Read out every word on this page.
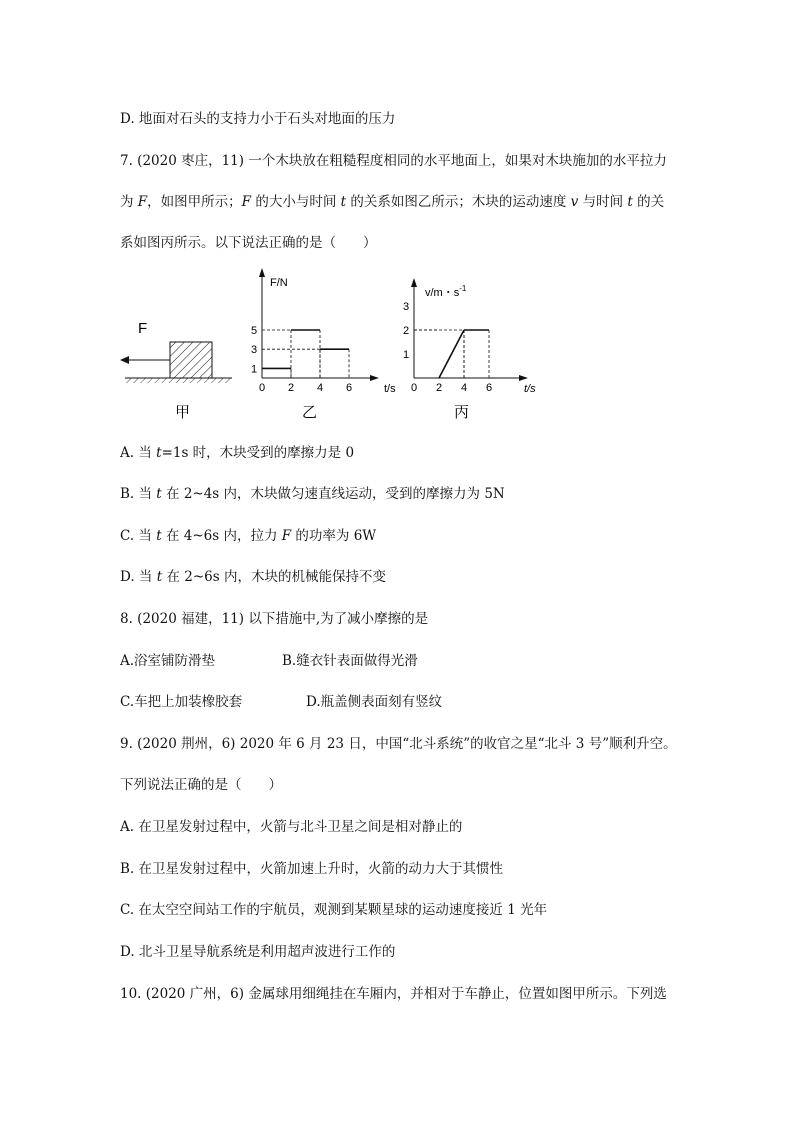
D. 地面对石头的支持力小于石头对地面的压力
7. (2020 枣庄，11) 一个木块放在粗糙程度相同的水平地面上，如果对木块施加的水平拉力
为 F，如图甲所示；F 的大小与时间 t 的关系如图乙所示；木块的运动速度 v 与时间 t 的关
系如图丙所示。以下说法正确的是（　　）
F
甲
F/N
t/s
0 2 4 6
1
3
5
乙
v/m・$s^{-1}$
t/s
0 2 4 6
1
2
3
丙
A. 当 t=1s 时，木块受到的摩擦力是 0
B. 当 t 在 2~4s 内，木块做匀速直线运动，受到的摩擦力为 5N
C. 当 t 在 4~6s 内，拉力 F 的功率为 6W
D. 当 t 在 2~6s 内，木块的机械能保持不变
8. (2020 福建，11) 以下措施中,为了减小摩擦的是
A.浴室铺防滑垫	B.缝衣针表面做得光滑
C.车把上加装橡胶套	D.瓶盖侧表面刻有竖纹
9. (2020 荆州，6) 2020 年 6 月 23 日，中国“北斗系统”的收官之星“北斗 3 号”顺利升空。
下列说法正确的是（　　）
A. 在卫星发射过程中，火箭与北斗卫星之间是相对静止的
B. 在卫星发射过程中，火箭加速上升时，火箭的动力大于其惯性
C. 在太空空间站工作的宇航员，观测到某颗星球的运动速度接近 1 光年
D. 北斗卫星导航系统是利用超声波进行工作的
10. (2020 广州，6) 金属球用细绳挂在车厢内，并相对于车静止，位置如图甲所示。下列选
